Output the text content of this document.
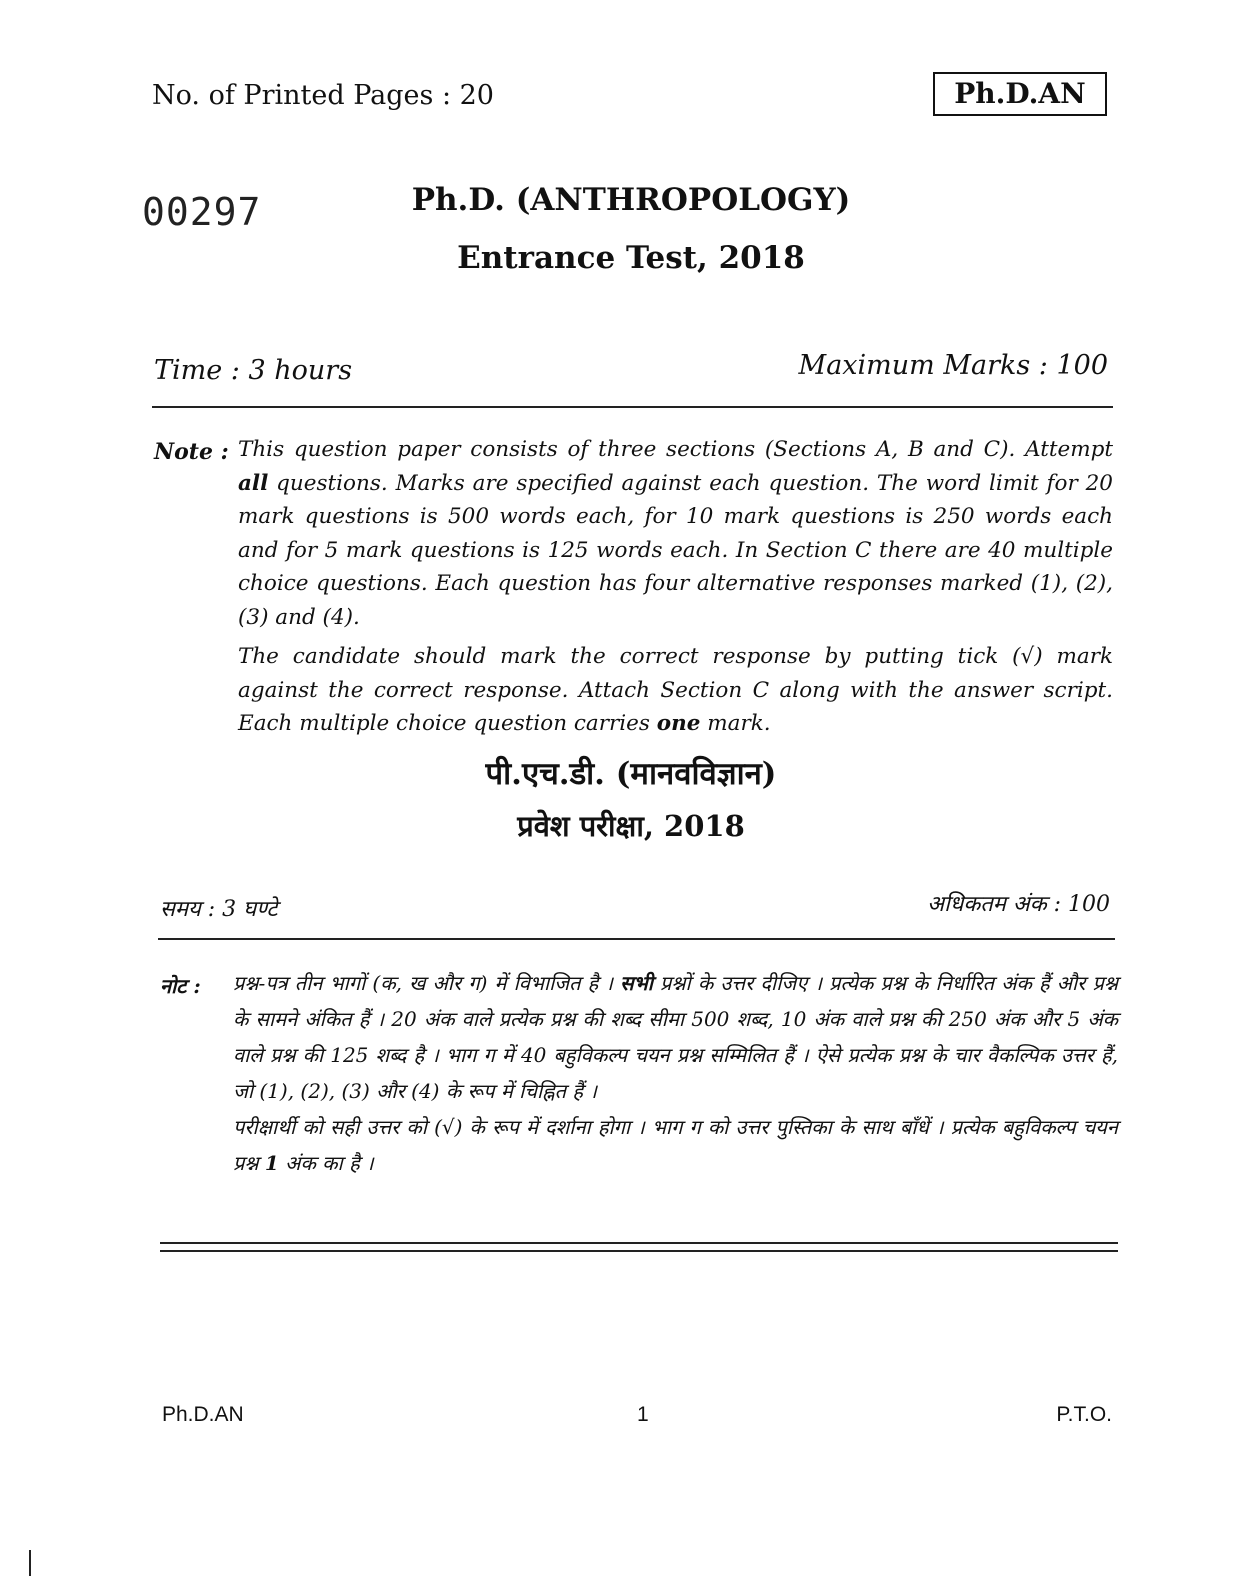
No. of Printed Pages : 20	Ph.D.AN
00297	Ph.D. (ANTHROPOLOGY)
Entrance Test, 2018
Time : 3 hours	Maximum Marks : 100
Note : This question paper consists of three sections (Sections A, B and C). Attempt all questions. Marks are specified against each question. The word limit for 20 mark questions is 500 words each, for 10 mark questions is 250 words each and for 5 mark questions is 125 words each. In Section C there are 40 multiple choice questions. Each question has four alternative responses marked (1), (2), (3) and (4).

The candidate should mark the correct response by putting tick (√) mark against the correct response. Attach Section C along with the answer script. Each multiple choice question carries one mark.

पी.एच.डी. (मानवविज्ञान)
प्रवेश परीक्षा, 2018
समय : 3 घण्टे	अधिकतम अंक : 100
नोट : प्रश्न-पत्र तीन भागों (क, ख और ग) में विभाजित है । सभी प्रश्नों के उत्तर दीजिए । प्रत्येक प्रश्न के निर्धारित अंक हैं और प्रश्न के सामने अंकित हैं । 20 अंक वाले प्रत्येक प्रश्न की शब्द सीमा 500 शब्द, 10 अंक वाले प्रश्न की 250 अंक और 5 अंक वाले प्रश्न की 125 शब्द है । भाग ग में 40 बहुविकल्प चयन प्रश्न सम्मिलित हैं । ऐसे प्रत्येक प्रश्न के चार वैकल्पिक उत्तर हैं, जो (1), (2), (3) और (4) के रूप में चिह्नित हैं ।

परीक्षार्थी को सही उत्तर को (√) के रूप में दर्शाना होगा । भाग ग को उत्तर पुस्तिका के साथ बाँधें । प्रत्येक बहुविकल्प चयन प्रश्न 1 अंक का है ।

Ph.D.AN	1	P.T.O.
